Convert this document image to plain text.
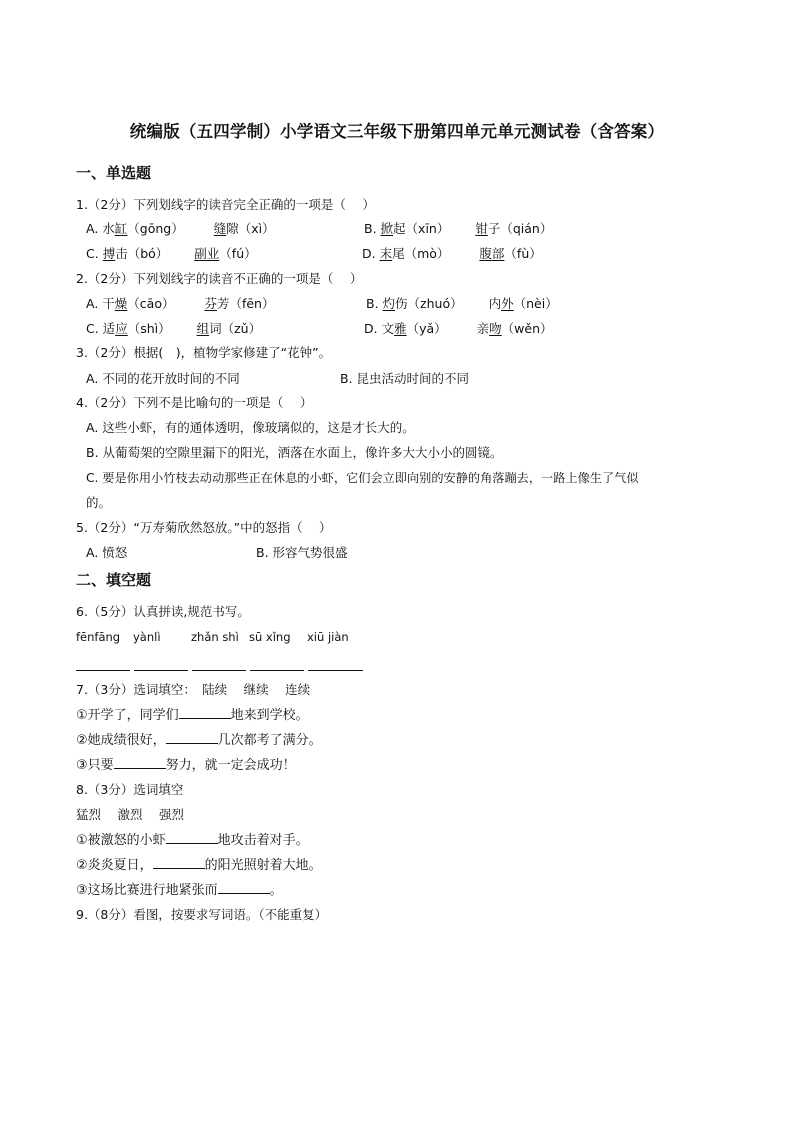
统编版（五四学制）小学语文三年级下册第四单元单元测试卷（含答案）
一、单选题
1.（2分）下列划线字的读音完全正确的一项是（　 ）
A. 水缸（gōng） 缝隙（xì）	B. 掀起（xīn） 钳子（qián）
C. 搏击（bó） 副业（fú）	D. 末尾（mò） 腹部（fù）
2.（2分）下列划线字的读音不正确的一项是（　 ）
A. 干燥（cāo） 芬芳（fēn）	B. 灼伤（zhuó） 内外（nèi）
C. 适应（shì） 组词（zǔ）	D. 文雅（yǎ） 亲吻（wěn）
3.（2分）根据(　)，植物学家修建了“花钟”。
A. 不同的花开放时间的不同	B. 昆虫活动时间的不同
4.（2分）下列不是比喻句的一项是（　 ）
A. 这些小虾，有的通体透明，像玻璃似的，这是才长大的。
B. 从葡萄架的空隙里漏下的阳光，洒落在水面上，像许多大大小小的圆镜。
C. 要是你用小竹枝去动动那些正在休息的小虾，它们会立即向别的安静的角落蹦去，一路上像生了气似
的。
5.（2分）“万寿菊欣然怒放。”中的怒指（　 ）
A. 愤怒	B. 形容气势很盛
二、填空题
6.（5分）认真拼读,规范书写。
fēnfāng yànlì	zhǎn shì sū xǐng xiū jiàn
7.（3分）选词填空：　陆续　 继续　 连续
①开学了，同学们	地来到学校。
②她成绩很好，	几次都考了满分。
③只要	努力，就一定会成功！
8.（3分）选词填空
猛烈　 激烈　 强烈
①被激怒的小虾	地攻击着对手。
②炎炎夏日，	的阳光照射着大地。
③这场比赛进行地紧张而	。
9.（8分）看图，按要求写词语。（不能重复）
